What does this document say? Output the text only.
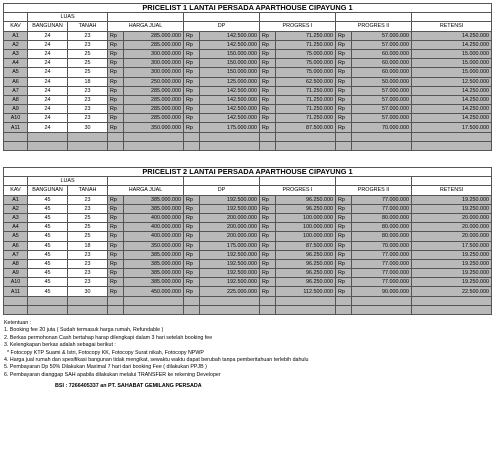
PRICELIST 1 LANTAI PERSADA APARTHOUSE CIPAYUNG 1											
	LUAS										
KAV	BANGUNAN	TANAH	HARGA JUAL		DP		PROGRES I		PROGRES II		RETENSI
A1	24	23	Rp	285.000.000	Rp	142.500.000	Rp	71.250.000	Rp	57.000.000	14.250.000
A2	24	23	Rp	285.000.000	Rp	142.500.000	Rp	71.250.000	Rp	57.000.000	14.250.000
A3	24	25	Rp	300.000.000	Rp	150.000.000	Rp	75.000.000	Rp	60.000.000	15.000.000
A4	24	25	Rp	300.000.000	Rp	150.000.000	Rp	75.000.000	Rp	60.000.000	15.000.000
A5	24	25	Rp	300.000.000	Rp	150.000.000	Rp	75.000.000	Rp	60.000.000	15.000.000
A6	24	18	Rp	250.000.000	Rp	125.000.000	Rp	62.500.000	Rp	50.000.000	12.500.000
A7	24	23	Rp	285.000.000	Rp	142.500.000	Rp	71.250.000	Rp	57.000.000	14.250.000
A8	24	23	Rp	285.000.000	Rp	142.500.000	Rp	71.250.000	Rp	57.000.000	14.250.000
A9	24	23	Rp	285.000.000	Rp	142.500.000	Rp	71.250.000	Rp	57.000.000	14.250.000
A10	24	23	Rp	285.000.000	Rp	142.500.000	Rp	71.250.000	Rp	57.000.000	14.250.000
A11	24	30	Rp	350.000.000	Rp	175.000.000	Rp	87.500.000	Rp	70.000.000	17.500.000

PRICELIST 2 LANTAI PERSADA APARTHOUSE CIPAYUNG 1											
	LUAS										
KAV	BANGUNAN	TANAH	HARGA JUAL		DP		PROGRES I		PROGRES II		RETENSI
A1	45	23	Rp	385.000.000	Rp	192.500.000	Rp	96.250.000	Rp	77.000.000	19.250.000
A2	45	23	Rp	385.000.000	Rp	192.500.000	Rp	96.250.000	Rp	77.000.000	19.250.000
A3	45	25	Rp	400.000.000	Rp	200.000.000	Rp	100.000.000	Rp	80.000.000	20.000.000
A4	45	25	Rp	400.000.000	Rp	200.000.000	Rp	100.000.000	Rp	80.000.000	20.000.000
A5	45	25	Rp	400.000.000	Rp	200.000.000	Rp	100.000.000	Rp	80.000.000	20.000.000
A6	45	18	Rp	350.000.000	Rp	175.000.000	Rp	87.500.000	Rp	70.000.000	17.500.000
A7	45	23	Rp	385.000.000	Rp	192.500.000	Rp	96.250.000	Rp	77.000.000	19.250.000
A8	45	23	Rp	385.000.000	Rp	192.500.000	Rp	96.250.000	Rp	77.000.000	19.250.000
A9	45	23	Rp	385.000.000	Rp	192.500.000	Rp	96.250.000	Rp	77.000.000	19.250.000
A10	45	23	Rp	385.000.000	Rp	192.500.000	Rp	96.250.000	Rp	77.000.000	19.250.000
A11	45	30	Rp	450.000.000	Rp	225.000.000	Rp	112.500.000	Rp	90.000.000	22.500.000

Ketentuan :
1. Booking fee 20 juta ( Sudah termasuk harga rumah, Refundable )
2. Berkas permohonan Cash bertahap harap dilengkapi dalam 3 hari setelah booking fee
3. Kelengkapan berkas adalah sebagai berikut :
* Fotocopy KTP Suami & Istri, Fotocopy KK, Fotocopy Surat nikah, Fotocopy NPWP
4. Harga jual rumah dan spesifikasi bangunan tidak mengikat, sewaktu waktu dapat berubah tanpa pemberitahuan terlebih dahulu
5. Pembayaran Dp 50% Dilakukan Maximal 7 hari dari booking Fee ( dilakukan PPJB )
6. Pembayaran dianggap SAH apabila dilakukan melalui TRANSFER ke rekening Developer
BSI : 7266405337 an PT. SAHABAT GEMILANG PERSADA
